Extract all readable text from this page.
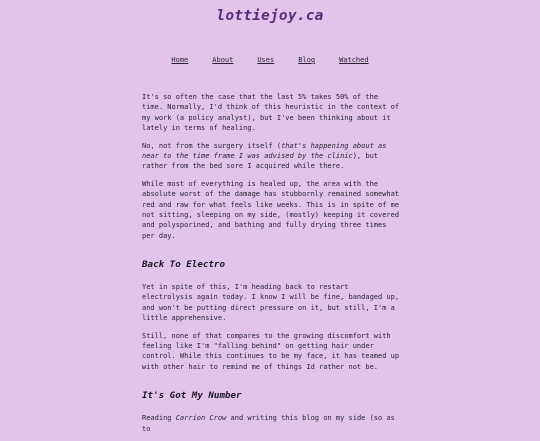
lottiejoy.ca
Home	About	Uses	Blog	Watched

It's so often the case that the last 5% takes 50% of the time. Normally, I'd think of this heuristic in the context of my work (a policy analyst), but I've been thinking about it lately in terms of healing.

No, not from the surgery itself (that's happening about as near to the time frame I was advised by the clinic), but rather from the bed sore I acquired while there.

While most of everything is healed up, the area with the absolute worst of the damage has stubbornly remained somewhat red and raw for what feels like weeks. This is in spite of me not sitting, sleeping on my side, (mostly) keeping it covered and polysporined, and bathing and fully drying three times per day.

Back To Electro

Yet in spite of this, I'm heading back to restart electrolysis again today. I know I will be fine, bandaged up, and won't be putting direct pressure on it, but still, I'm a little apprehensive.

Still, none of that compares to the growing discomfort with feeling like I'm "falling behind" on getting hair under control. While this continues to be my face, it has teamed up with other hair to remind me of things Id rather not be.

It's Got My Number

Reading Carrion Crow and writing this blog on my side (so as to
